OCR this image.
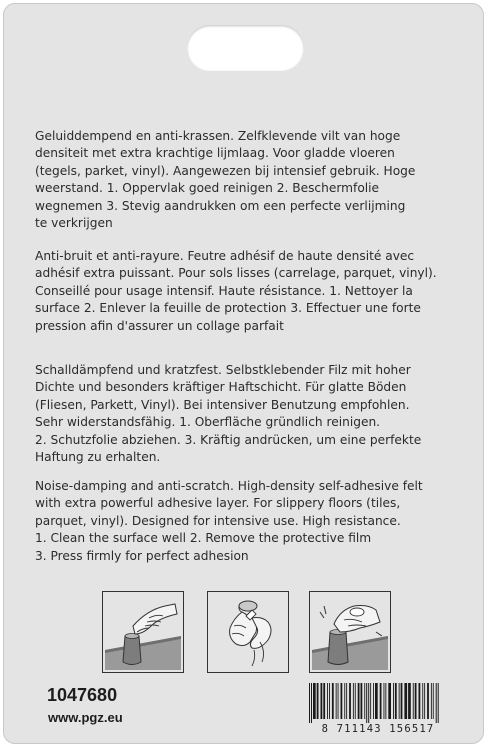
Geluiddempend en anti-krassen. Zelfklevende vilt van hoge
densiteit met extra krachtige lijmlaag. Voor gladde vloeren
(tegels, parket, vinyl). Aangewezen bij intensief gebruik. Hoge
weerstand. 1. Oppervlak goed reinigen 2. Beschermfolie
wegnemen 3. Stevig aandrukken om een perfecte verlijming
te verkrijgen

Anti-bruit et anti-rayure. Feutre adhésif de haute densité avec
adhésif extra puissant. Pour sols lisses (carrelage, parquet, vinyl).
Conseillé pour usage intensif. Haute résistance. 1. Nettoyer la
surface 2. Enlever la feuille de protection 3. Effectuer une forte
pression afin d'assurer un collage parfait

Schalldämpfend und kratzfest. Selbstklebender Filz mit hoher
Dichte und besonders kräftiger Haftschicht. Für glatte Böden
(Fliesen, Parkett, Vinyl). Bei intensiver Benutzung empfohlen.
Sehr widerstandsfähig. 1. Oberfläche gründlich reinigen.
2. Schutzfolie abziehen. 3. Kräftig andrücken, um eine perfekte
Haftung zu erhalten.

Noise-damping and anti-scratch. High-density self-adhesive felt
with extra powerful adhesive layer. For slippery floors (tiles,
parquet, vinyl). Designed for intensive use. High resistance.
1. Clean the surface well 2. Remove the protective film
3. Press firmly for perfect adhesion

1047680

www.pgz.eu

8 711143 156517
